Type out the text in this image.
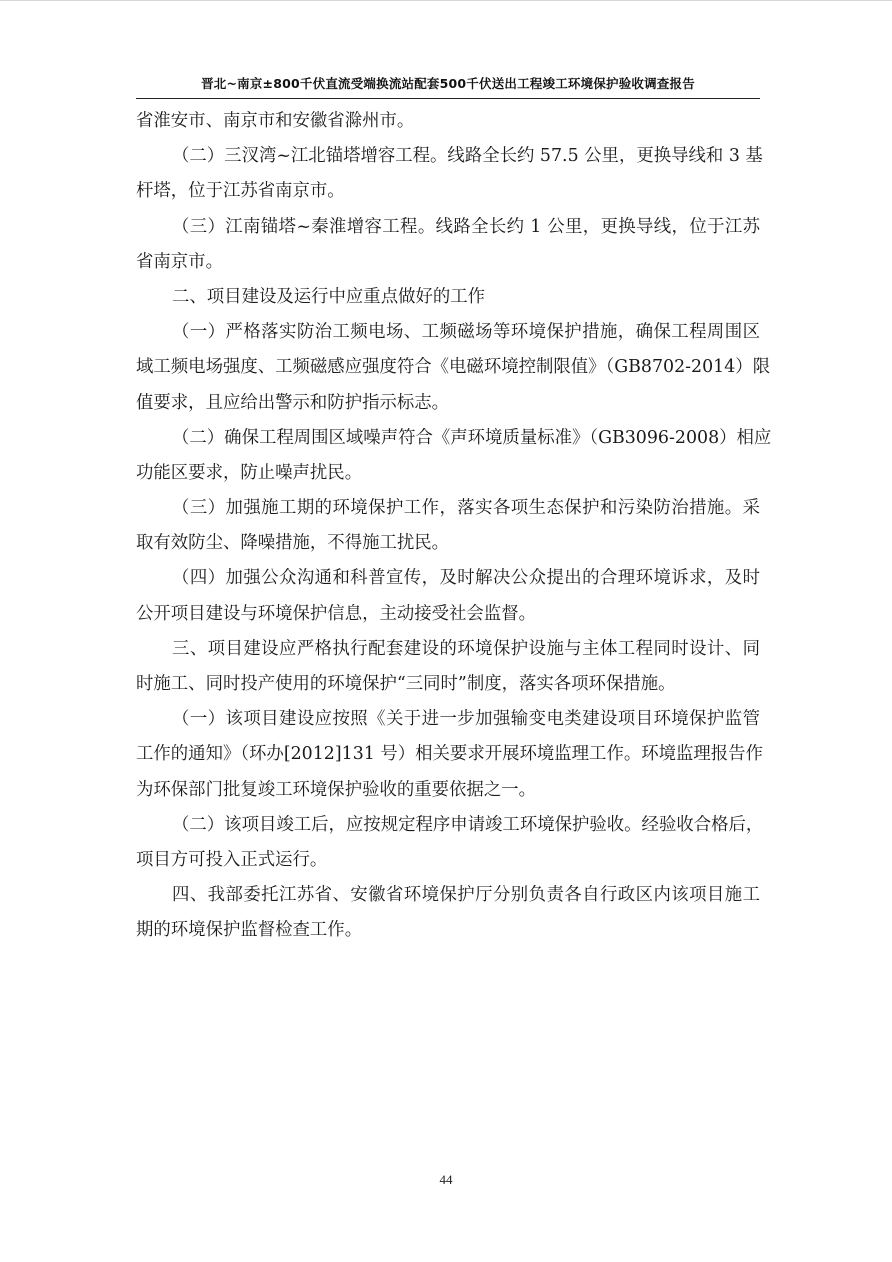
晋北~南京±800千伏直流受端换流站配套500千伏送出工程竣工环境保护验收调查报告
省淮安市、南京市和安徽省滁州市。
（二）三汊湾~江北锚塔增容工程。线路全长约 57.5 公里，更换导线和 3 基
杆塔，位于江苏省南京市。
（三）江南锚塔~秦淮增容工程。线路全长约 1 公里，更换导线，位于江苏
省南京市。
二、项目建设及运行中应重点做好的工作
（一）严格落实防治工频电场、工频磁场等环境保护措施，确保工程周围区
域工频电场强度、工频磁感应强度符合《电磁环境控制限值》（GB8702-2014）限
值要求，且应给出警示和防护指示标志。
（二）确保工程周围区域噪声符合《声环境质量标准》（GB3096-2008）相应
功能区要求，防止噪声扰民。
（三）加强施工期的环境保护工作，落实各项生态保护和污染防治措施。采
取有效防尘、降噪措施，不得施工扰民。
（四）加强公众沟通和科普宣传，及时解决公众提出的合理环境诉求，及时
公开项目建设与环境保护信息，主动接受社会监督。
三、项目建设应严格执行配套建设的环境保护设施与主体工程同时设计、同
时施工、同时投产使用的环境保护“三同时”制度，落实各项环保措施。
（一）该项目建设应按照《关于进一步加强输变电类建设项目环境保护监管
工作的通知》（环办[2012]131 号）相关要求开展环境监理工作。环境监理报告作
为环保部门批复竣工环境保护验收的重要依据之一。
（二）该项目竣工后，应按规定程序申请竣工环境保护验收。经验收合格后，
项目方可投入正式运行。
四、我部委托江苏省、安徽省环境保护厅分别负责各自行政区内该项目施工
期的环境保护监督检查工作。
44
